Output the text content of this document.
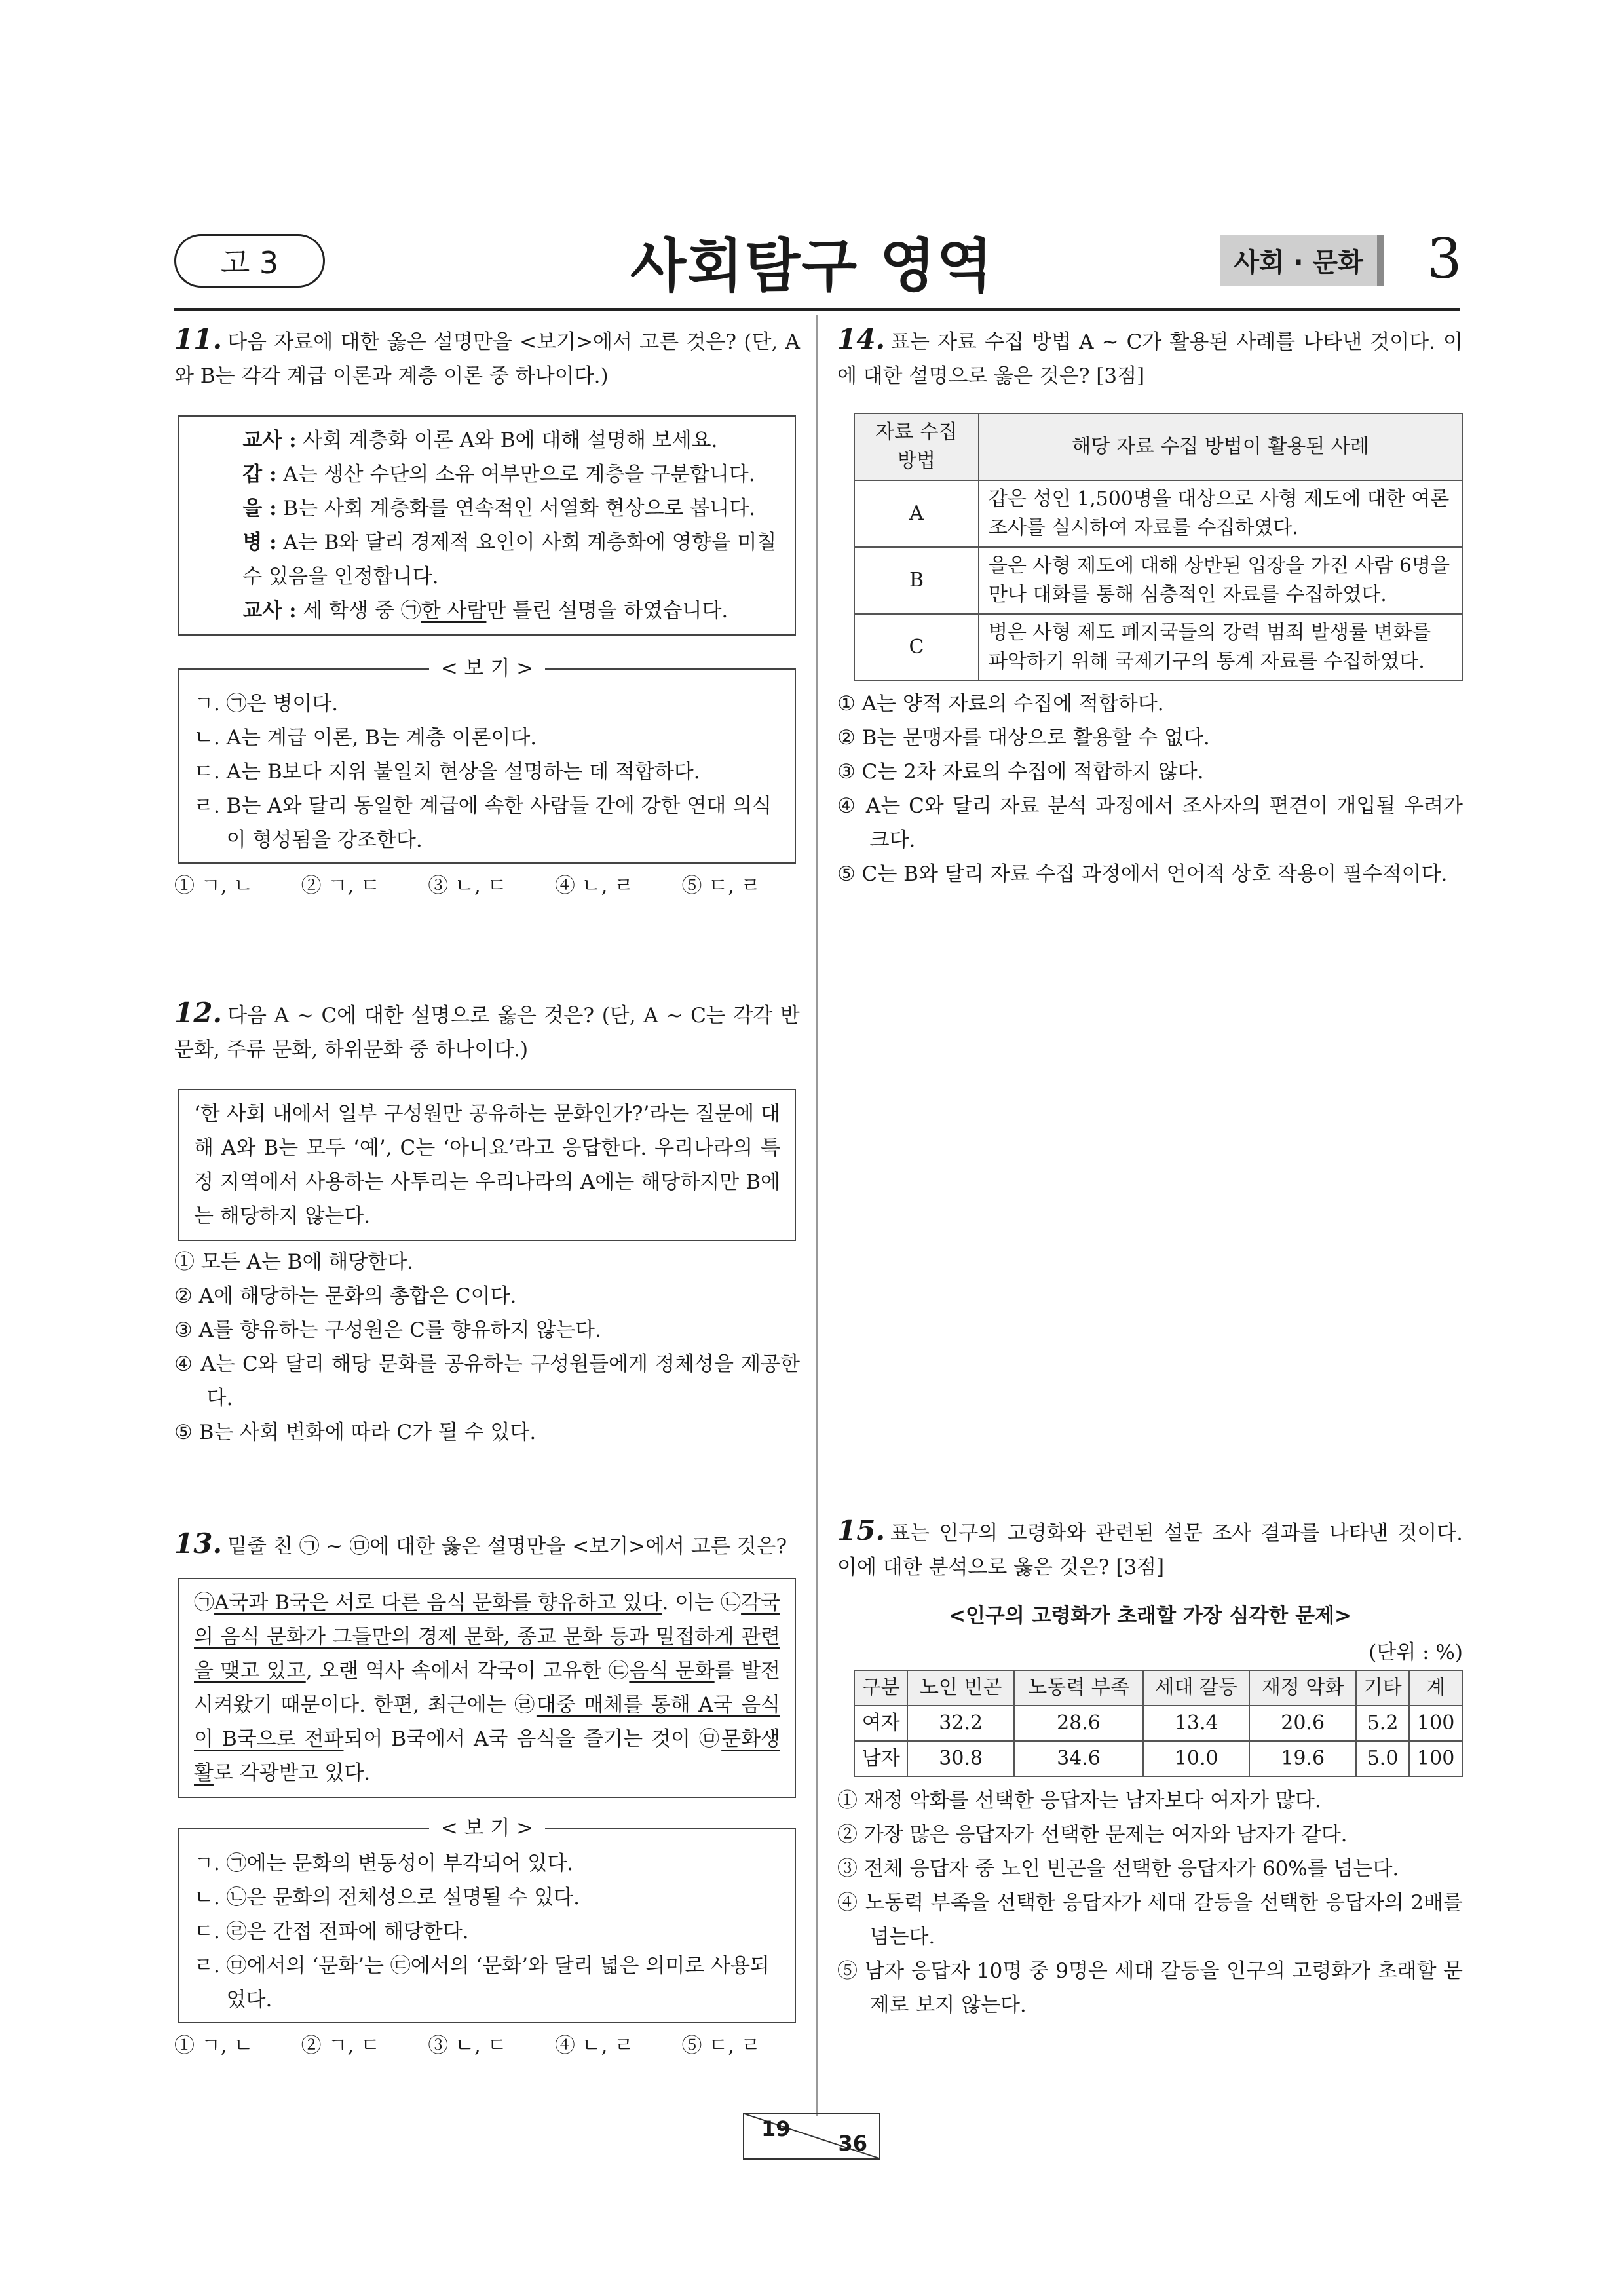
고 3	사회탐구 영역	사회 · 문화 3

11. 다음 자료에 대한 옳은 설명만을 <보기>에서 고른 것은? (단, A와 B는 각각 계급 이론과 계층 이론 중 하나이다.)

교사 : 사회 계층화 이론 A와 B에 대해 설명해 보세요.

갑 : A는 생산 수단의 소유 여부만으로 계층을 구분합니다.

을 : B는 사회 계층화를 연속적인 서열화 현상으로 봅니다.

병 : A는 B와 달리 경제적 요인이 사회 계층화에 영향을 미칠 수 있음을 인정합니다.

교사 : 세 학생 중 ㉠한 사람만 틀린 설명을 하였습니다.

< 보 기 >

ㄱ. ㉠은 병이다.

ㄴ. A는 계급 이론, B는 계층 이론이다.

ㄷ. A는 B보다 지위 불일치 현상을 설명하는 데 적합하다.

ㄹ. B는 A와 달리 동일한 계급에 속한 사람들 간에 강한 연대 의식이 형성됨을 강조한다.

① ㄱ, ㄴ ② ㄱ, ㄷ ③ ㄴ, ㄷ ④ ㄴ, ㄹ ⑤ ㄷ, ㄹ

12. 다음 A ~ C에 대한 설명으로 옳은 것은? (단, A ~ C는 각각 반문화, 주류 문화, 하위문화 중 하나이다.)

‘한 사회 내에서 일부 구성원만 공유하는 문화인가?’라는 질문에 대해 A와 B는 모두 ‘예’, C는 ‘아니요’라고 응답한다. 우리나라의 특정 지역에서 사용하는 사투리는 우리나라의 A에는 해당하지만 B에는 해당하지 않는다.

① 모든 A는 B에 해당한다.

② A에 해당하는 문화의 총합은 C이다.

③ A를 향유하는 구성원은 C를 향유하지 않는다.

④ A는 C와 달리 해당 문화를 공유하는 구성원들에게 정체성을 제공한다.

⑤ B는 사회 변화에 따라 C가 될 수 있다.

13. 밑줄 친 ㉠ ~ ㉤에 대한 옳은 설명만을 <보기>에서 고른 것은?

㉠A국과 B국은 서로 다른 음식 문화를 향유하고 있다. 이는 ㉡각국의 음식 문화가 그들만의 경제 문화, 종교 문화 등과 밀접하게 관련을 맺고 있고, 오랜 역사 속에서 각국이 고유한 ㉢음식 문화를 발전시켜왔기 때문이다. 한편, 최근에는 ㉣대중 매체를 통해 A국 음식이 B국으로 전파되어 B국에서 A국 음식을 즐기는 것이 ㉤문화생활로 각광받고 있다.

< 보 기 >

ㄱ. ㉠에는 문화의 변동성이 부각되어 있다.

ㄴ. ㉡은 문화의 전체성으로 설명될 수 있다.

ㄷ. ㉣은 간접 전파에 해당한다.

ㄹ. ㉤에서의 ‘문화’는 ㉢에서의 ‘문화’와 달리 넓은 의미로 사용되었다.

① ㄱ, ㄴ ② ㄱ, ㄷ ③ ㄴ, ㄷ ④ ㄴ, ㄹ ⑤ ㄷ, ㄹ

14. 표는 자료 수집 방법 A ~ C가 활용된 사례를 나타낸 것이다. 이에 대한 설명으로 옳은 것은? [3점]

자료 수집 방법	해당 자료 수집 방법이 활용된 사례
A	갑은 성인 1,500명을 대상으로 사형 제도에 대한 여론 조사를 실시하여 자료를 수집하였다.
B	을은 사형 제도에 대해 상반된 입장을 가진 사람 6명을 만나 대화를 통해 심층적인 자료를 수집하였다.
C	병은 사형 제도 폐지국들의 강력 범죄 발생률 변화를 파악하기 위해 국제기구의 통계 자료를 수집하였다.

① A는 양적 자료의 수집에 적합하다.

② B는 문맹자를 대상으로 활용할 수 없다.

③ C는 2차 자료의 수집에 적합하지 않다.

④ A는 C와 달리 자료 분석 과정에서 조사자의 편견이 개입될 우려가 크다.

⑤ C는 B와 달리 자료 수집 과정에서 언어적 상호 작용이 필수적이다.

15. 표는 인구의 고령화와 관련된 설문 조사 결과를 나타낸 것이다. 이에 대한 분석으로 옳은 것은? [3점]

<인구의 고령화가 초래할 가장 심각한 문제>

(단위 : %)

구분	노인 빈곤	노동력 부족	세대 갈등	재정 악화	기타	계
여자	32.2	28.6	13.4	20.6	5.2	100
남자	30.8	34.6	10.0	19.6	5.0	100

① 재정 악화를 선택한 응답자는 남자보다 여자가 많다.

② 가장 많은 응답자가 선택한 문제는 여자와 남자가 같다.

③ 전체 응답자 중 노인 빈곤을 선택한 응답자가 60%를 넘는다.

④ 노동력 부족을 선택한 응답자가 세대 갈등을 선택한 응답자의 2배를 넘는다.

⑤ 남자 응답자 10명 중 9명은 세대 갈등을 인구의 고령화가 초래할 문제로 보지 않는다.

19
36
